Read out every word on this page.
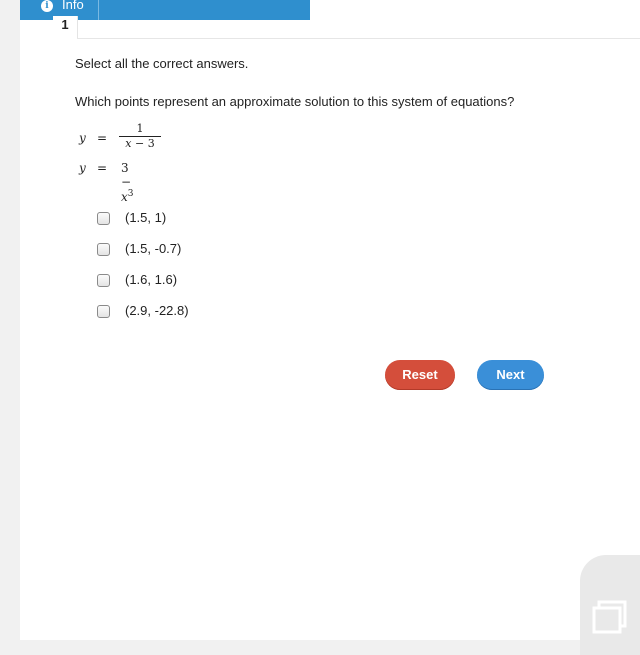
i	Info
1
Select all the correct answers.
Which points represent an approximate solution to this system of equations?
y =
1
x − 3
$y = 3 - x^3$
(1.5, 1)
(1.5, -0.7)
(1.6, 1.6)
(2.9, -22.8)
Reset	Next
